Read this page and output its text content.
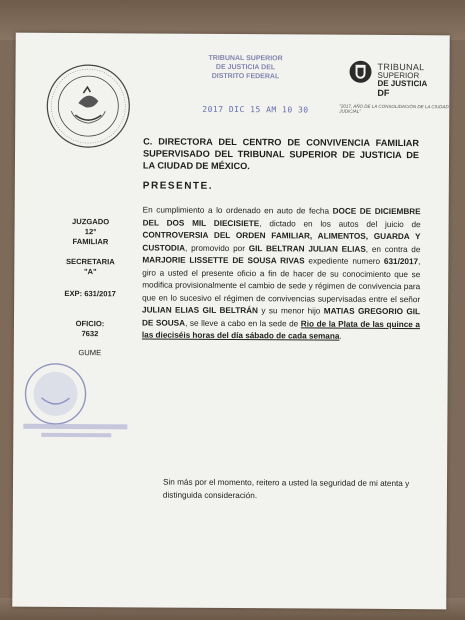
TRIBUNAL SUPERIOR
DE JUSTICIA DEL
DISTRITO FEDERAL
2017 DIC 15 AM 10 30
TRIBUNAL
SUPERIOR
DE JUSTICIA
DF
"2017, AÑO DE LA CONSOLIDACIÓN DE LA CIUDAD JUDICIAL"
C. DIRECTORA DEL CENTRO DE CONVIVENCIA FAMILIAR SUPERVISADO DEL TRIBUNAL SUPERIOR DE JUSTICIA DE LA CIUDAD DE MÉXICO.
PRESENTE.
JUZGADO
12°
FAMILIAR
SECRETARIA
"A"
EXP: 631/2017
OFICIO:
7632
GUME
En cumplimiento a lo ordenado en auto de fecha DOCE DE DICIEMBRE DEL DOS MIL DIECISIETE, dictado en los autos del juicio de CONTROVERSIA DEL ORDEN FAMILIAR, ALIMENTOS, GUARDA Y CUSTODIA, promovido por GIL BELTRAN JULIAN ELIAS, en contra de MARJORIE LISSETTE DE SOUSA RIVAS expediente numero 631/2017, giro a usted el presente oficio a fin de hacer de su conocimiento que se modifica provisionalmente el cambio de sede y régimen de convivencia para que en lo sucesivo el régimen de convivencias supervisadas entre el señor JULIAN ELIAS GIL BELTRÁN y su menor hijo MATIAS GREGORIO GIL DE SOUSA, se lleve a cabo en la sede de Rio de la Plata de las quince a las dieciséis horas del día sábado de cada semana.
Sin más por el momento, reitero a usted la seguridad de mi atenta y distinguida consideración.
